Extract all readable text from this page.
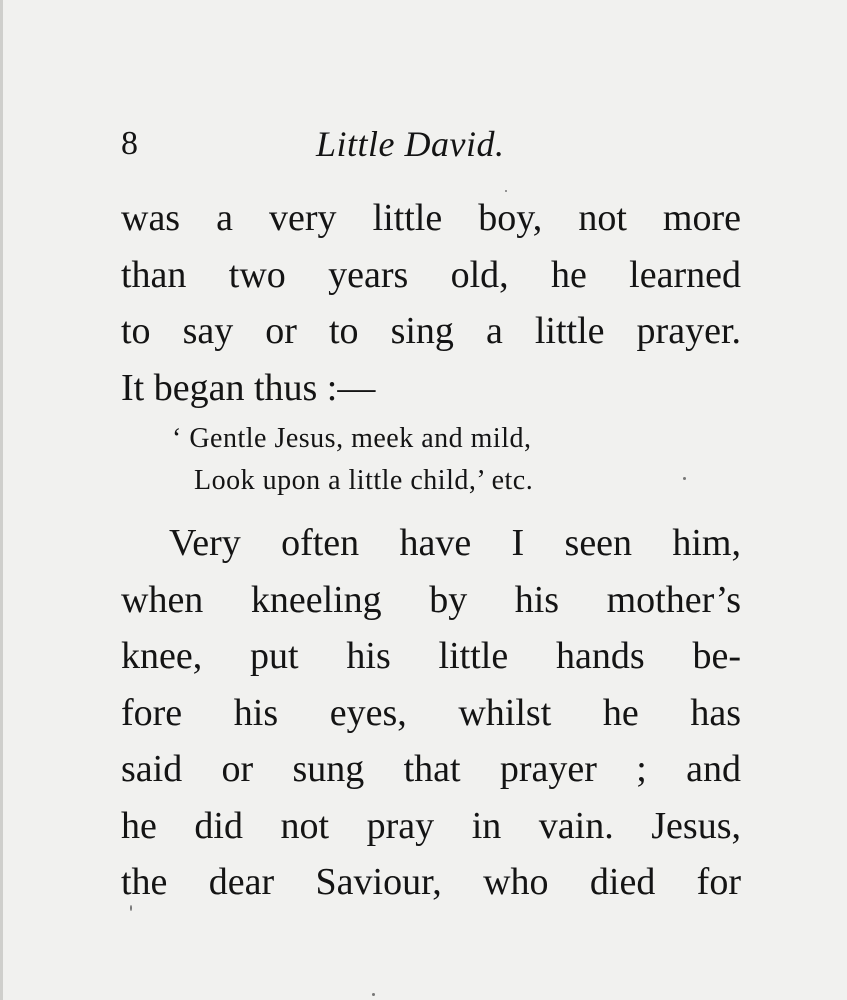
8	Little David.
was a very little boy, not more
than two years old, he learned
to say or to sing a little prayer.
It began thus :—
‘ Gentle Jesus, meek and mild,
Look upon a little child,’ etc.
Very often have I seen him,
when kneeling by his mother’s
knee, put his little hands be-
fore his eyes, whilst he has
said or sung that prayer ; and
he did not pray in vain. Jesus,
the dear Saviour, who died for
